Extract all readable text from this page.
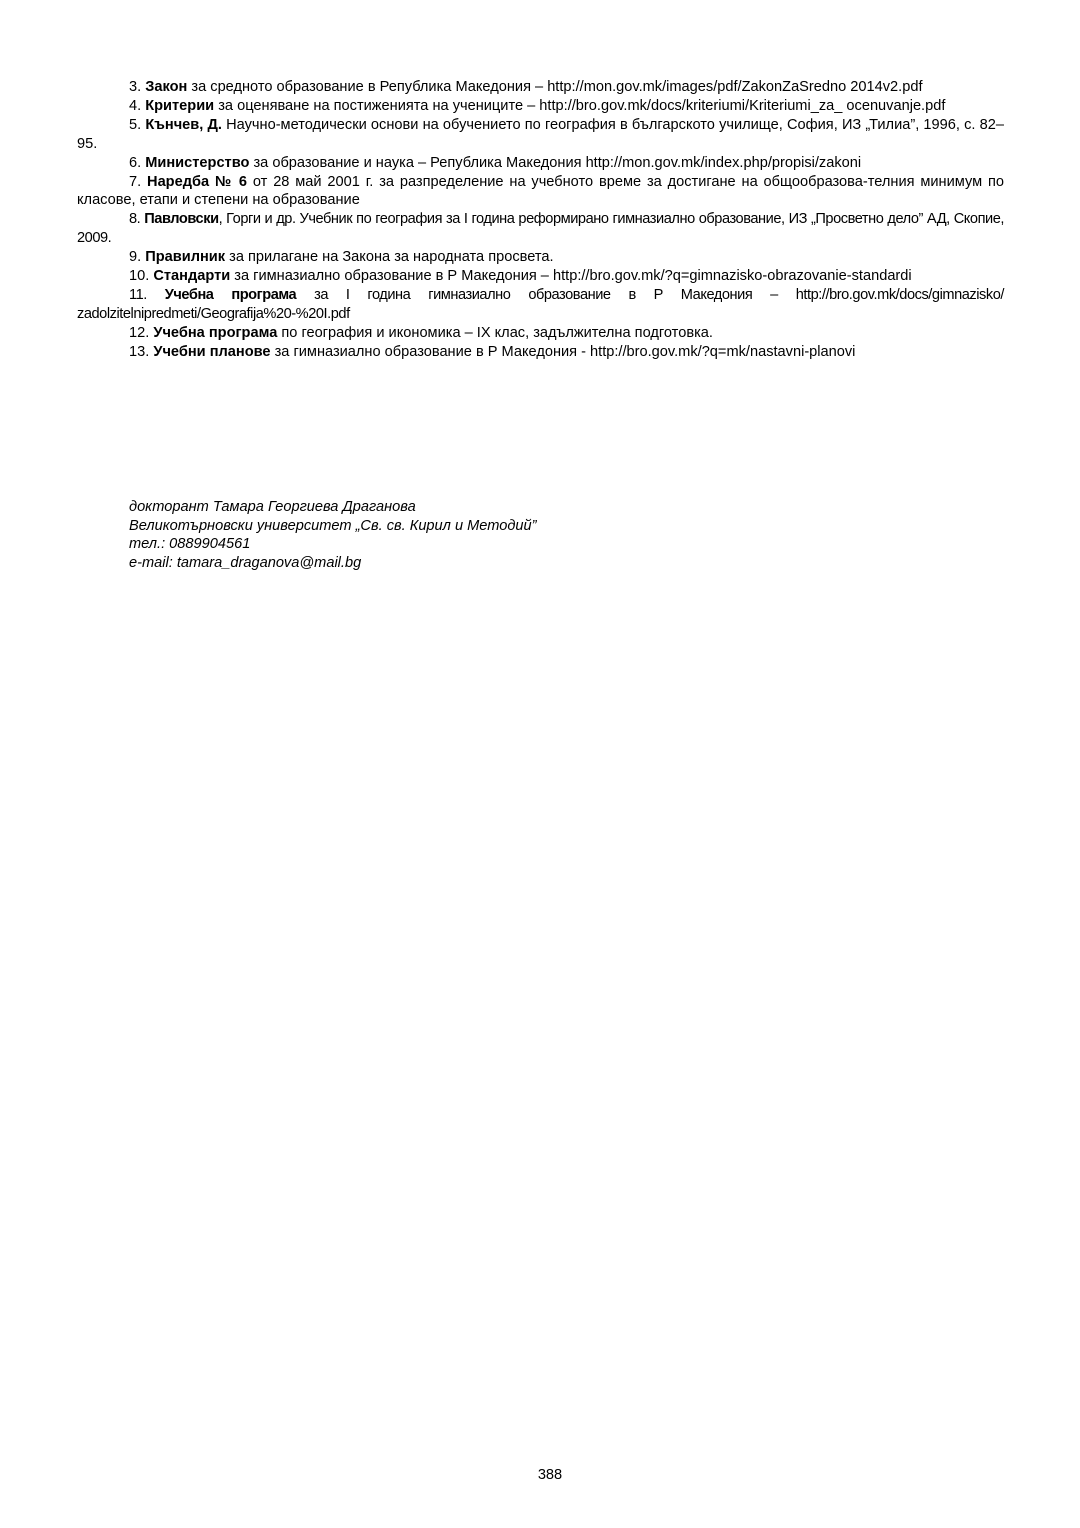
3. Закон за средното образование в Република Македония – http://mon.gov.mk/images/pdf/ZakonZaSredno 2014v2.pdf

4. Критерии за оценяване на постиженията на учениците – http://bro.gov.mk/docs/kriteriumi/Kriteriumi_za_ ocenuvanje.pdf

5. Кънчев, Д. Научно-методически основи на обучението по география в българското училище, София, ИЗ „Тилиа”, 1996, с. 82–95.

6. Министерство за образование и наука – Република Македония http://mon.gov.mk/index.php/propisi/zakoni

7. Наредба № 6 от 28 май 2001 г. за разпределение на учебното време за достигане на общообразова-телния минимум по класове, етапи и степени на образование

8. Павловски, Горги и др. Учебник по география за I година реформирано гимназиално образование, ИЗ „Просветно дело” АД, Скопие, 2009.

9. Правилник за прилагане на Закона за народната просвета.

10. Стандарти за гимназиално образование в Р Македония – http://bro.gov.mk/?q=gimnazisko-obrazovanie-standardi

11. Учебна програма за I година гимназиално образование в Р Македония – http://bro.gov.mk/docs/gimnazisko/ zadolzitelnipredmeti/Geografija%20-%20I.pdf

12. Учебна програма по география и икономика – IX клас, задължителна подготовка.

13. Учебни планове за гимназиално образование в Р Македония - http://bro.gov.mk/?q=mk/nastavni-planovi

докторант Тамара Георгиева Драганова
Великотърновски университет „Св. св. Кирил и Методий”
тел.: 0889904561
e-mail: tamara_draganova@mail.bg
388
